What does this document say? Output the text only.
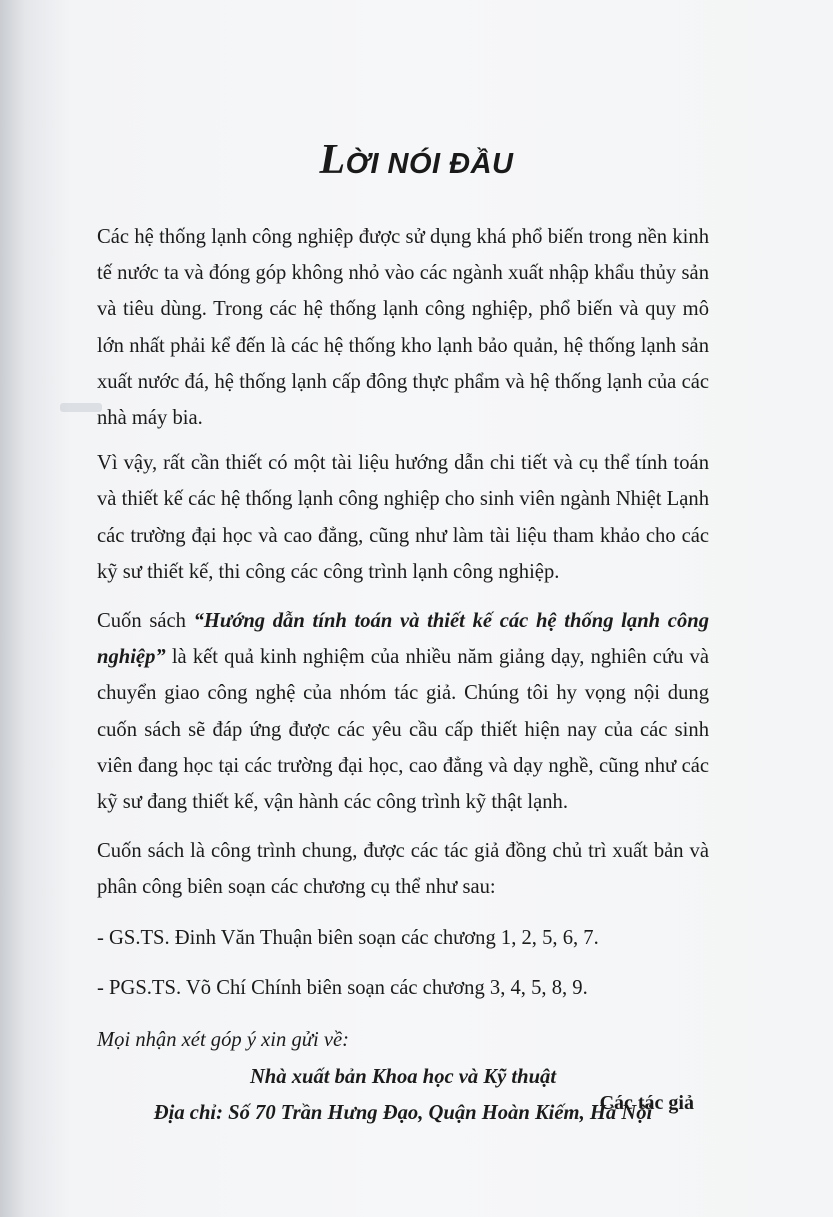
LỜI NÓI ĐẦU

Các hệ thống lạnh công nghiệp được sử dụng khá phổ biến trong nền kinh tế nước ta và đóng góp không nhỏ vào các ngành xuất nhập khẩu thủy sản và tiêu dùng. Trong các hệ thống lạnh công nghiệp, phổ biến và quy mô lớn nhất phải kể đến là các hệ thống kho lạnh bảo quản, hệ thống lạnh sản xuất nước đá, hệ thống lạnh cấp đông thực phẩm và hệ thống lạnh của các nhà máy bia.

Vì vậy, rất cần thiết có một tài liệu hướng dẫn chi tiết và cụ thể tính toán và thiết kế các hệ thống lạnh công nghiệp cho sinh viên ngành Nhiệt Lạnh các trường đại học và cao đẳng, cũng như làm tài liệu tham khảo cho các kỹ sư thiết kế, thi công các công trình lạnh công nghiệp.

Cuốn sách “Hướng dẫn tính toán và thiết kế các hệ thống lạnh công nghiệp” là kết quả kinh nghiệm của nhiều năm giảng dạy, nghiên cứu và chuyển giao công nghệ của nhóm tác giả. Chúng tôi hy vọng nội dung cuốn sách sẽ đáp ứng được các yêu cầu cấp thiết hiện nay của các sinh viên đang học tại các trường đại học, cao đẳng và dạy nghề, cũng như các kỹ sư đang thiết kế, vận hành các công trình kỹ thật lạnh.

Cuốn sách là công trình chung, được các tác giả đồng chủ trì xuất bản và phân công biên soạn các chương cụ thể như sau:

- GS.TS. Đinh Văn Thuận biên soạn các chương 1, 2, 5, 6, 7.

- PGS.TS. Võ Chí Chính biên soạn các chương 3, 4, 5, 8, 9.

Mọi nhận xét góp ý xin gửi về:

Nhà xuất bản Khoa học và Kỹ thuật

Địa chỉ: Số 70 Trần Hưng Đạo, Quận Hoàn Kiếm, Hà Nội

Các tác giả
